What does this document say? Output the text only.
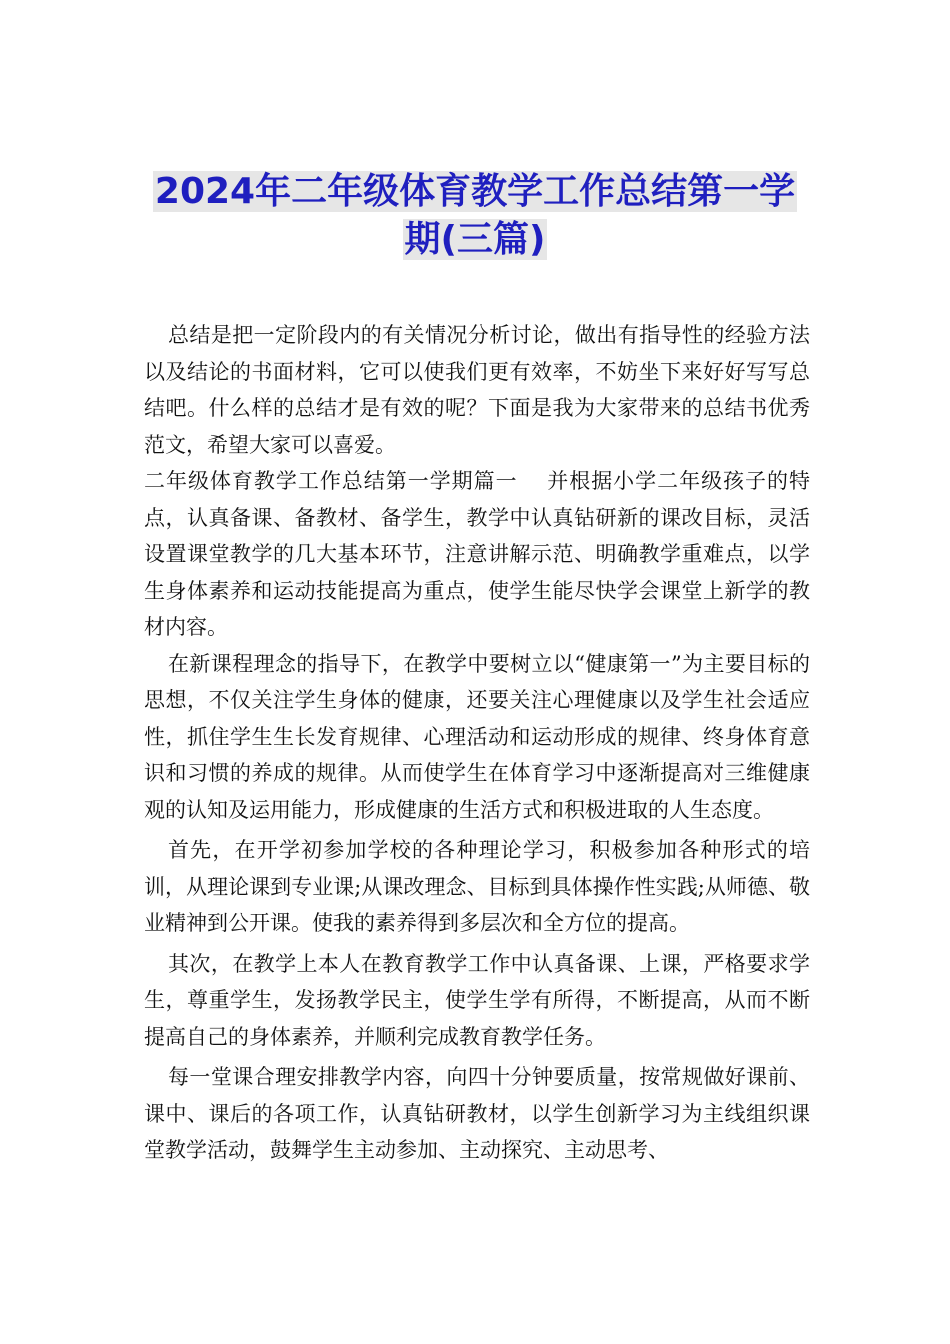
2024年二年级体育教学工作总结第一学
期(三篇)

总结是把一定阶段内的有关情况分析讨论，做出有指导性的经验方法以及结论的书面材料，它可以使我们更有效率，不妨坐下来好好写写总结吧。什么样的总结才是有效的呢？下面是我为大家带来的总结书优秀范文，希望大家可以喜爱。

二年级体育教学工作总结第一学期篇一　 并根据小学二年级孩子的特点，认真备课、备教材、备学生，教学中认真钻研新的课改目标，灵活设置课堂教学的几大基本环节，注意讲解示范、明确教学重难点，以学生身体素养和运动技能提高为重点，使学生能尽快学会课堂上新学的教材内容。

在新课程理念的指导下，在教学中要树立以“健康第一”为主要目标的思想，不仅关注学生身体的健康，还要关注心理健康以及学生社会适应性，抓住学生生长发育规律、心理活动和运动形成的规律、终身体育意识和习惯的养成的规律。从而使学生在体育学习中逐渐提高对三维健康观的认知及运用能力，形成健康的生活方式和积极进取的人生态度。

首先，在开学初参加学校的各种理论学习，积极参加各种形式的培训，从理论课到专业课;从课改理念、目标到具体操作性实践;从师德、敬业精神到公开课。使我的素养得到多层次和全方位的提高。

其次，在教学上本人在教育教学工作中认真备课、上课，严格要求学生，尊重学生，发扬教学民主，使学生学有所得，不断提高，从而不断提高自己的身体素养，并顺利完成教育教学任务。

每一堂课合理安排教学内容，向四十分钟要质量，按常规做好课前、课中、课后的各项工作，认真钻研教材，以学生创新学习为主线组织课堂教学活动，鼓舞学生主动参加、主动探究、主动思考、
